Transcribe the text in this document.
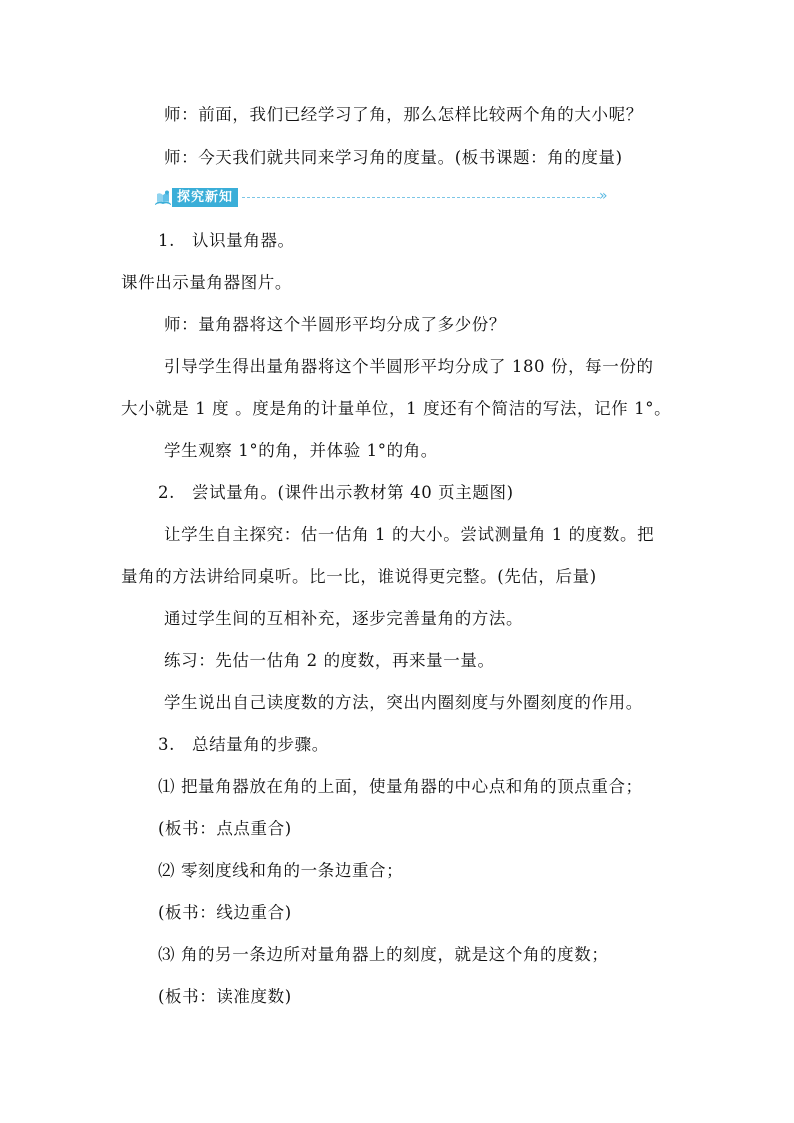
师：前面，我们已经学习了角，那么怎样比较两个角的大小呢？
师：今天我们就共同来学习角的度量。(板书课题：角的度量)
探究新知	»
1.　认识量角器。
课件出示量角器图片。
师：量角器将这个半圆形平均分成了多少份？
引导学生得出量角器将这个半圆形平均分成了 180 份，每一份的
大小就是 1 度 。度是角的计量单位，1 度还有个简洁的写法，记作 1°。
学生观察 1°的角，并体验 1°的角。
2.　尝试量角。(课件出示教材第 40 页主题图)
让学生自主探究：估一估角 1 的大小。尝试测量角 1 的度数。把
量角的方法讲给同桌听。比一比，谁说得更完整。(先估，后量)
通过学生间的互相补充，逐步完善量角的方法。
练习：先估一估角 2 的度数，再来量一量。
学生说出自己读度数的方法，突出内圈刻度与外圈刻度的作用。
3.　总结量角的步骤。
⑴ 把量角器放在角的上面，使量角器的中心点和角的顶点重合；
(板书：点点重合)
⑵ 零刻度线和角的一条边重合；
(板书：线边重合)
⑶ 角的另一条边所对量角器上的刻度，就是这个角的度数；
(板书：读准度数)
